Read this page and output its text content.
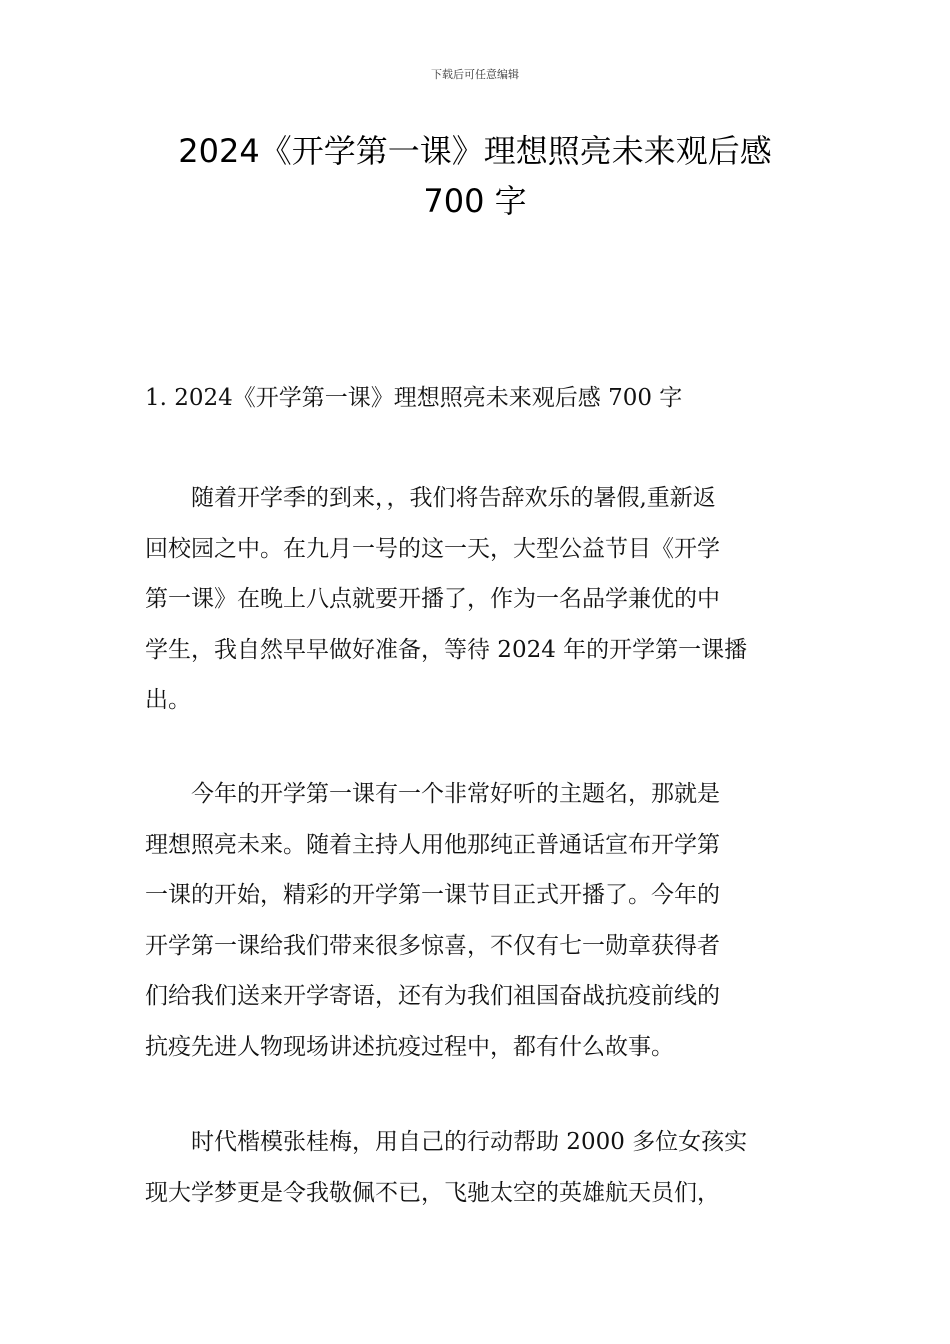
下载后可任意编辑
2024《开学第一课》理想照亮未来观后感
700 字
1. 2024《开学第一课》理想照亮未来观后感 700 字

　　随着开学季的到来，，我们将告辞欢乐的暑假,重新返
回校园之中。在九月一号的这一天，大型公益节目《开学
第一课》在晚上八点就要开播了，作为一名品学兼优的中
学生，我自然早早做好准备，等待 2024 年的开学第一课播
出。

　　今年的开学第一课有一个非常好听的主题名，那就是
理想照亮未来。随着主持人用他那纯正普通话宣布开学第
一课的开始，精彩的开学第一课节目正式开播了。今年的
开学第一课给我们带来很多惊喜，不仅有七一勋章获得者
们给我们送来开学寄语，还有为我们祖国奋战抗疫前线的
抗疫先进人物现场讲述抗疫过程中，都有什么故事。

　　时代楷模张桂梅，用自己的行动帮助 2000 多位女孩实
现大学梦更是令我敬佩不已，飞驰太空的英雄航天员们，
